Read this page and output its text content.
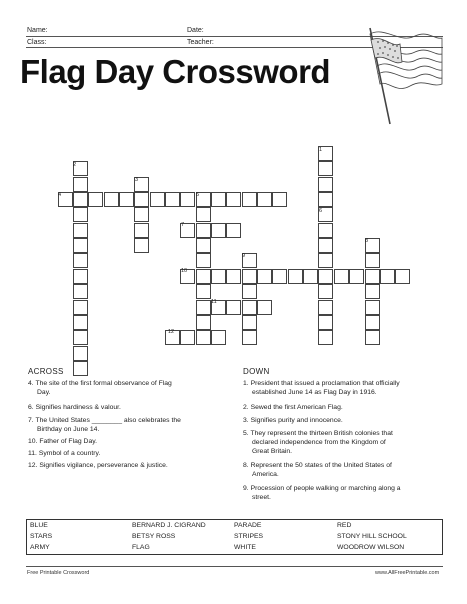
Name:	Date:
Class:	Teacher:
Flag Day Crossword
1
2
3
4	5
6
7
8
9
10
11
12
ACROSS
4. The site of the first formal observance of Flag
Day.
6. Signifies hardiness & valour.
7. The United States ________ also celebrates the
Birthday on June 14.
10. Father of Flag Day.
11. Symbol of a country.
12. Signifies vigilance, perseverance & justice.
DOWN
1. President that issued a proclamation that officially
established June 14 as Flag Day in 1916.
2. Sewed the first American Flag.
3. Signifies purity and innocence.
5. They represent the thirteen British colonies that
declared independence from the Kingdom of
Great Britain.
8. Represent the 50 states of the United States of
America.
9. Procession of people walking or marching along a
street.
BLUE	BERNARD J. CIGRAND	PARADE	RED
STARS	BETSY ROSS	STRIPES	STONY HILL SCHOOL
ARMY	FLAG	WHITE	WOODROW WILSON
Free Printable Crossword	www.AllFreePrintable.com
